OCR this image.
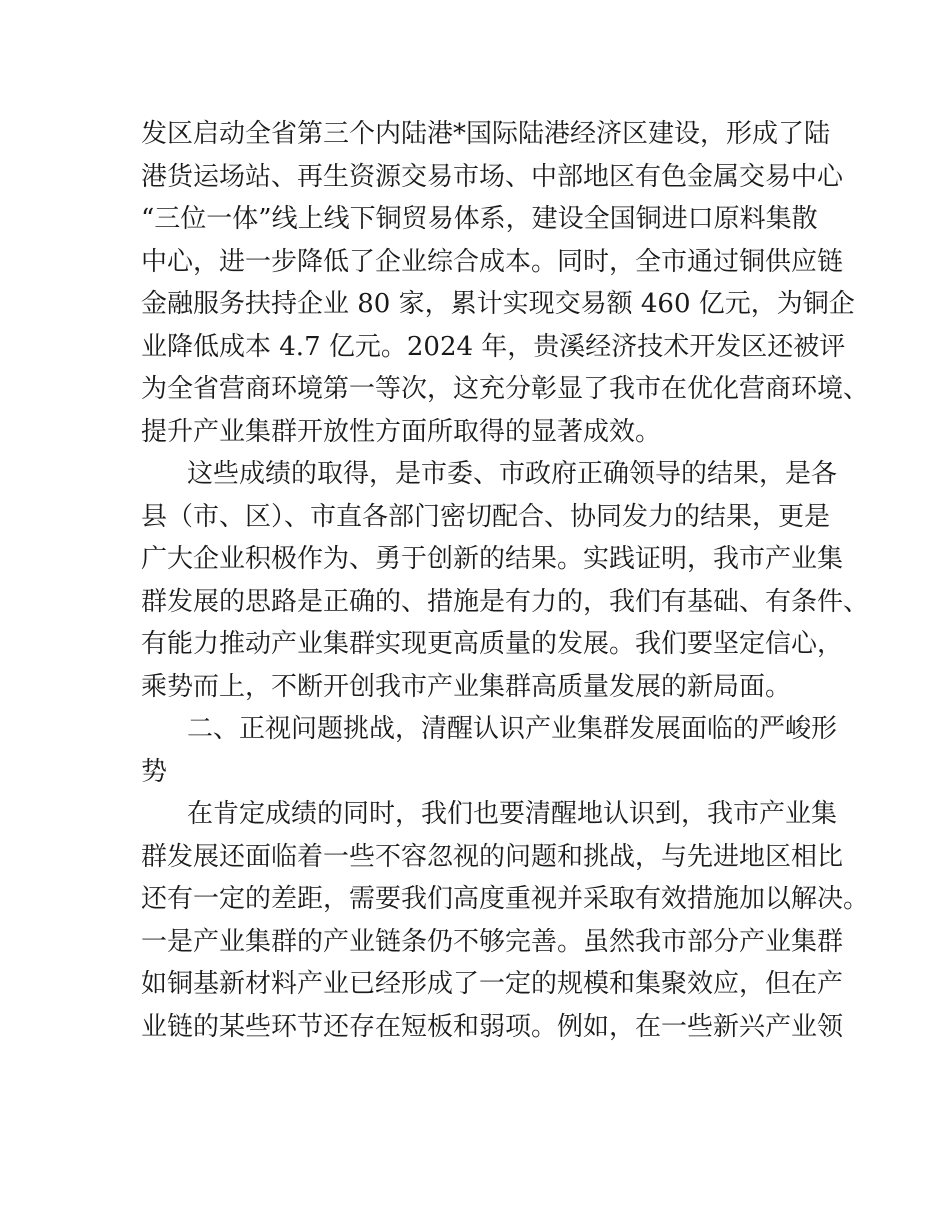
发区启动全省第三个内陆港*国际陆港经济区建设，形成了陆
港货运场站、再生资源交易市场、中部地区有色金属交易中心
“三位一体”线上线下铜贸易体系，建设全国铜进口原料集散
中心，进一步降低了企业综合成本。同时，全市通过铜供应链
金融服务扶持企业 80 家，累计实现交易额 460 亿元，为铜企
业降低成本 4.7 亿元。2024 年，贵溪经济技术开发区还被评
为全省营商环境第一等次，这充分彰显了我市在优化营商环境、
提升产业集群开放性方面所取得的显著成效。
这些成绩的取得，是市委、市政府正确领导的结果，是各
县（市、区）、市直各部门密切配合、协同发力的结果，更是
广大企业积极作为、勇于创新的结果。实践证明，我市产业集
群发展的思路是正确的、措施是有力的，我们有基础、有条件、
有能力推动产业集群实现更高质量的发展。我们要坚定信心，
乘势而上，不断开创我市产业集群高质量发展的新局面。
二、正视问题挑战，清醒认识产业集群发展面临的严峻形
势
在肯定成绩的同时，我们也要清醒地认识到，我市产业集
群发展还面临着一些不容忽视的问题和挑战，与先进地区相比
还有一定的差距，需要我们高度重视并采取有效措施加以解决。
一是产业集群的产业链条仍不够完善。虽然我市部分产业集群
如铜基新材料产业已经形成了一定的规模和集聚效应，但在产
业链的某些环节还存在短板和弱项。例如，在一些新兴产业领
